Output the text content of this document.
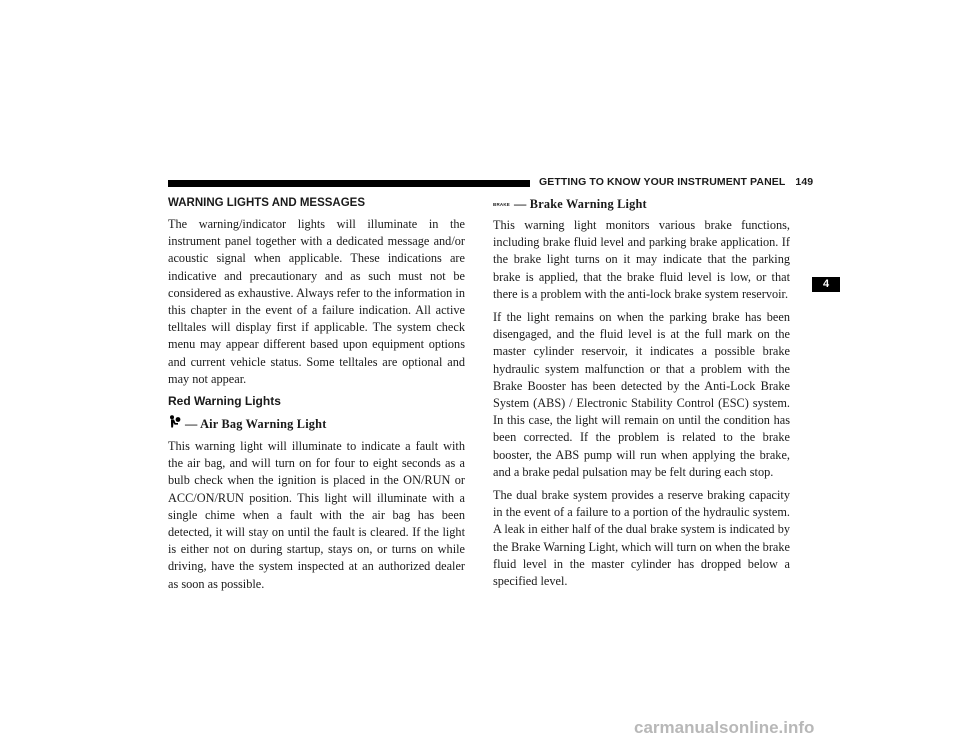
GETTING TO KNOW YOUR INSTRUMENT PANEL 149
4
WARNING LIGHTS AND MESSAGES

The warning/indicator lights will illuminate in the instrument panel together with a dedicated message and/or acoustic signal when applicable. These indications are indicative and precautionary and as such must not be considered as exhaustive. Always refer to the information in this chapter in the event of a failure indication. All active telltales will display first if applicable. The system check menu may appear different based upon equipment options and current vehicle status. Some telltales are optional and may not appear.

Red Warning Lights
— Air Bag Warning Light

This warning light will illuminate to indicate a fault with the air bag, and will turn on for four to eight seconds as a bulb check when the ignition is placed in the ON/RUN or ACC/ON/RUN position. This light will illuminate with a single chime when a fault with the air bag has been detected, it will stay on until the fault is cleared. If the light is either not on during startup, stays on, or turns on while driving, have the system inspected at an authorized dealer as soon as possible.

BRAKE — Brake Warning Light

This warning light monitors various brake functions, including brake fluid level and parking brake application. If the brake light turns on it may indicate that the parking brake is applied, that the brake fluid level is low, or that there is a problem with the anti-lock brake system reservoir.

If the light remains on when the parking brake has been disengaged, and the fluid level is at the full mark on the master cylinder reservoir, it indicates a possible brake hydraulic system malfunction or that a problem with the Brake Booster has been detected by the Anti-Lock Brake System (ABS) / Electronic Stability Control (ESC) system. In this case, the light will remain on until the condition has been corrected. If the problem is related to the brake booster, the ABS pump will run when applying the brake, and a brake pedal pulsation may be felt during each stop.

The dual brake system provides a reserve braking capacity in the event of a failure to a portion of the hydraulic system. A leak in either half of the dual brake system is indicated by the Brake Warning Light, which will turn on when the brake fluid level in the master cylinder has dropped below a specified level.

carmanualsonline.info
